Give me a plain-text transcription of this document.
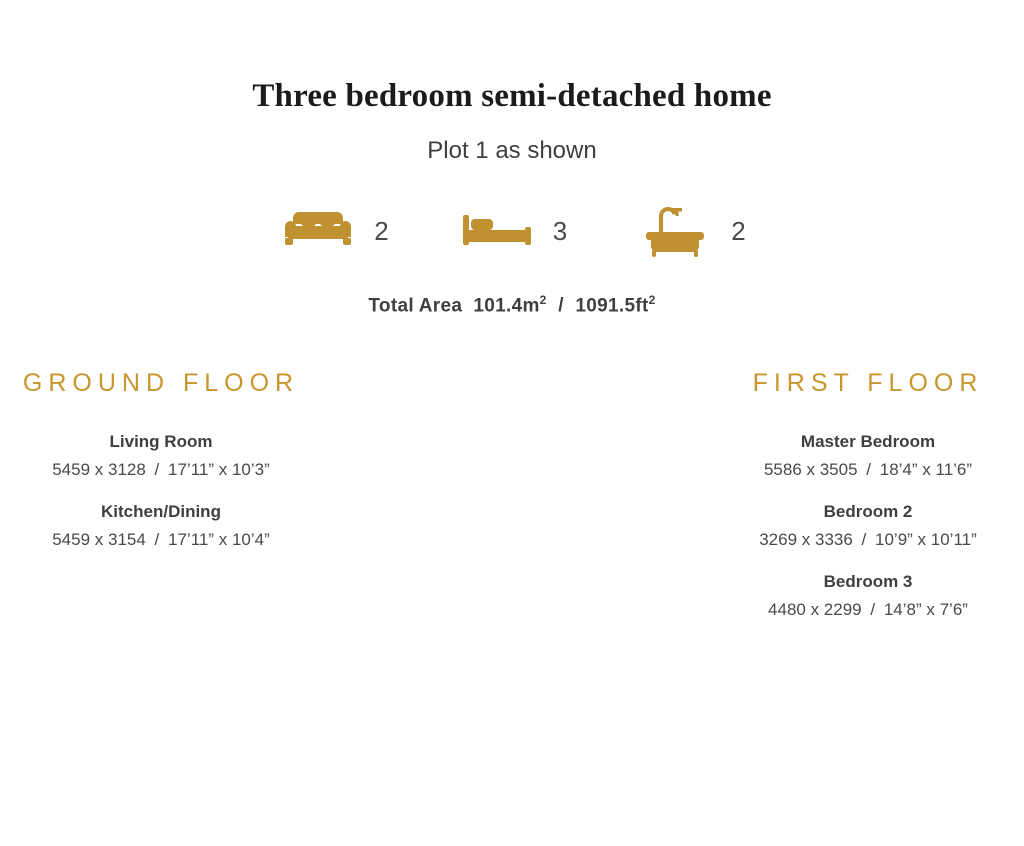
Three bedroom semi-detached home
Plot 1 as shown
2	3	2
Total Area $101.4m^2 / 1091.5ft^2$
GROUND FLOOR
Living Room
5459 x 3128 / 17’11” x 10’3”
Kitchen/Dining
5459 x 3154 / 17’11” x 10’4”
FIRST FLOOR
Master Bedroom
5586 x 3505 / 18’4” x 11’6”
Bedroom 2
3269 x 3336 / 10’9” x 10’11”
Bedroom 3
4480 x 2299 / 14’8” x 7’6”
